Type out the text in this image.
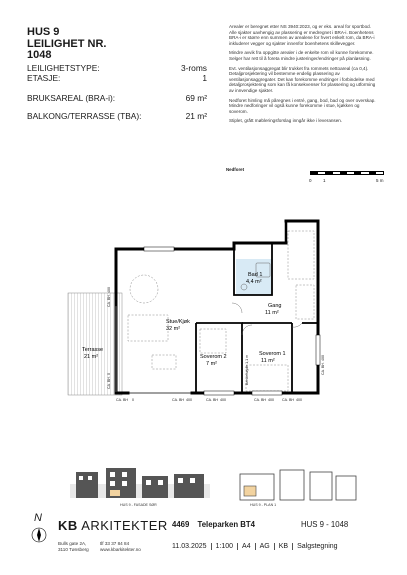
HUS 9
LEILIGHET NR.
1048
LEILIGHETSTYPE:	3-roms
ETASJE:	1
BRUKSAREAL (BRA-i):	69 m²
BALKONG/TERRASSE (TBA):	21 m²

Arealer er beregnet etter NS 3940:2023, og er eks. areal for sportbod. Alle sjakter uavhengig av plassering er medregnet i BRA-i. Boenhetens BRA-i er større enn summen av arealene for hvert enkelt rom, da BRA-i inkluderer vegger og sjakter innenfor boenhetens skillevegger.

Mindre avvik fra oppgitte arealer i de enkelte rom vil kunne forekomme. Selger har rett til å foreta mindre justeringer/endringer på planløsning.

Evt. ventilasjonsaggregat blir trukket fra rommets nettoareal (ca 0,4). Detaljprosjektering vil bestemme endelig plassering av ventilasjonsaggregater. Det kan forekomme endringer i forbindelse med detaljprosjektering som kan få konsekvenser for plassering og utforming av innvendige sjakter.

Nedforet himling må påregnes i entré, gang, bod, bad og over overskap. Mindre nedforinger vil også kunne forekomme i stue, kjøkken og soverom.

Stiplet, grått møbleringsforslag inngår ikke i leveransen.

Nedforet
0	1	5 m
Bad 1
4,4 m²
Gang
11 m²
Stue/Kjøk
32 m²
Terrasse
21 m²	Soverom 2
7 m²
Soverom 1
11 m²
CA. BH. 400
CA. BH. 0	Benkehøyde 1,1 m	CA. BH. 400
CA. BH 0	CA. BH 400	CA. BH 400	CA. BH 400 CA. BH 400
HUS 9 - FASADE SØR	HUS 9 - PLAN 1
N KB ARKITEKTER
Bulls gate 2A,
3110 Tønsberg
tlf 33 37 84 84
www.kbarkitekter.no
4469 Teleparken BT4	HUS 9 - 1048
11.03.2025	1:100	A4	AG	KB	Salgstegning
